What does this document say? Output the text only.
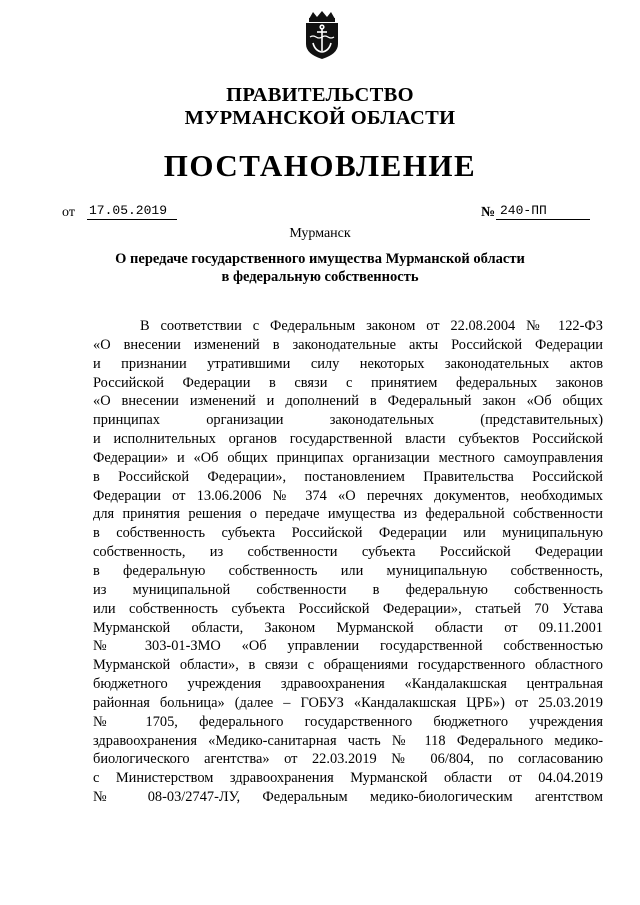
ПРАВИТЕЛЬСТВО
МУРМАНСКОЙ ОБЛАСТИ
ПОСТАНОВЛЕНИЕ
от 17.05.2019	№ 240-ПП
Мурманск
О передаче государственного имущества Мурманской области
в федеральную собственность
В соответствии с Федеральным законом от 22.08.2004 № 122-ФЗ
«О внесении изменений в законодательные акты Российской Федерации
и признании утратившими силу некоторых законодательных актов
Российской Федерации в связи с принятием федеральных законов
«О внесении изменений и дополнений в Федеральный закон «Об общих
принципах организации законодательных (представительных)
и исполнительных органов государственной власти субъектов Российской
Федерации» и «Об общих принципах организации местного самоуправления
в Российской Федерации», постановлением Правительства Российской
Федерации от 13.06.2006 № 374 «О перечнях документов, необходимых
для принятия решения о передаче имущества из федеральной собственности
в собственность субъекта Российской Федерации или муниципальную
собственность, из собственности субъекта Российской Федерации
в федеральную собственность или муниципальную собственность,
из муниципальной собственности в федеральную собственность
или собственность субъекта Российской Федерации», статьей 70 Устава
Мурманской области, Законом Мурманской области от 09.11.2001
№ 303-01-ЗМО «Об управлении государственной собственностью
Мурманской области», в связи с обращениями государственного областного
бюджетного учреждения здравоохранения «Кандалакшская центральная
районная больница» (далее – ГОБУЗ «Кандалакшская ЦРБ») от 25.03.2019
№ 1705, федерального государственного бюджетного учреждения
здравоохранения «Медико-санитарная часть № 118 Федерального медико-
биологического агентства» от 22.03.2019 № 06/804, по согласованию
с Министерством здравоохранения Мурманской области от 04.04.2019
№ 08-03/2747-ЛУ, Федеральным медико-биологическим агентством
